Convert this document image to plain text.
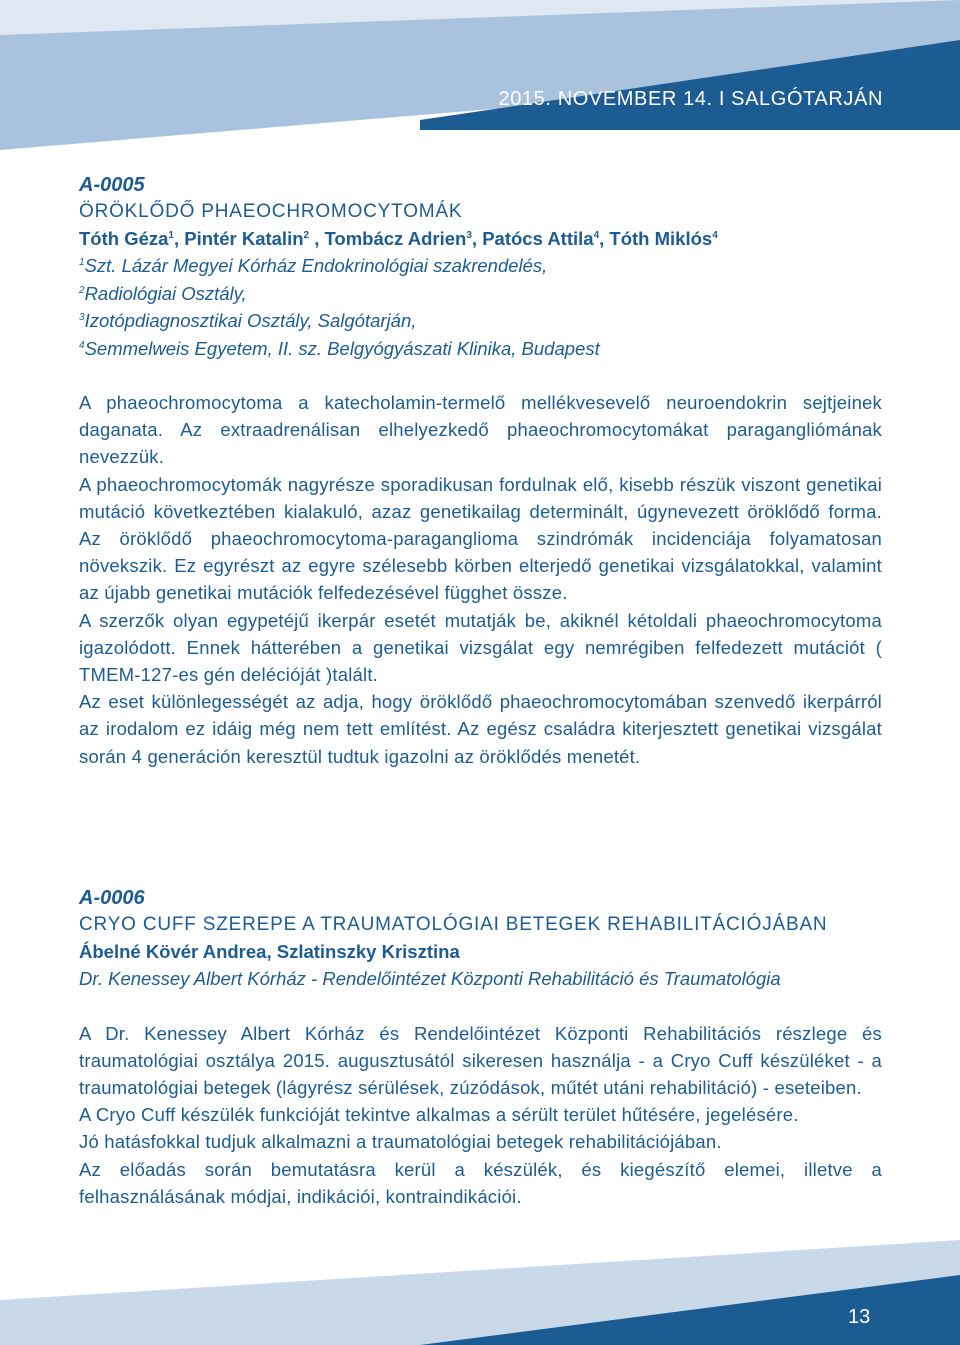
2015. NOVEMBER 14. I SALGÓTARJÁN
A-0005
ÖRÖKLŐDŐ PHAEOCHROMOCYTOMÁK
Tóth Géza$^1$, Pintér Katalin$^2$ , Tombácz Adrien$^3$, Patócs Attila$^4$, Tóth Miklós$^4$
$^1$Szt. Lázár Megyei Kórház Endokrinológiai szakrendelés,
$^2$Radiológiai Osztály,
$^3$Izotópdiagnosztikai Osztály, Salgótarján,
$^4$Semmelweis Egyetem, II. sz. Belgyógyászati Klinika, Budapest

A phaeochromocytoma a katecholamin-termelő mellékvesevelő neuroendokrin sejtjeinek daganata. Az extraadrenálisan elhelyezkedő phaeochromocytomákat paragangliómának nevezzük.

A phaeochromocytomák nagyrésze sporadikusan fordulnak elő, kisebb részük viszont genetikai mutáció következtében kialakuló, azaz genetikailag determinált, úgynevezett öröklődő forma. Az öröklődő phaeochromocytoma-paraganglioma szindrómák incidenciája folyamatosan növekszik. Ez egyrészt az egyre szélesebb körben elterjedő genetikai vizsgálatokkal, valamint az újabb genetikai mutációk felfedezésével függhet össze.

A szerzők olyan egypetéjű ikerpár esetét mutatják be, akiknél kétoldali phaeochromocytoma igazolódott. Ennek hátterében a genetikai vizsgálat egy nemrégiben felfedezett mutációt ( TMEM-127-es gén delécióját )talált.

Az eset különlegességét az adja, hogy öröklődő phaeochromocytomában szenvedő ikerpárról az irodalom ez idáig még nem tett említést. Az egész családra kiterjesztett genetikai vizsgálat során 4 generáción keresztül tudtuk igazolni az öröklődés menetét.

A-0006
CRYO CUFF SZEREPE A TRAUMATOLÓGIAI BETEGEK REHABILITÁCIÓJÁBAN
Ábelné Kövér Andrea, Szlatinszky Krisztina
Dr. Kenessey Albert Kórház - Rendelőintézet Központi Rehabilitáció és Traumatológia

A Dr. Kenessey Albert Kórház és Rendelőintézet Központi Rehabilitációs részlege és traumatológiai osztálya 2015. augusztusától sikeresen használja - a Cryo Cuff készüléket - a traumatológiai betegek (lágyrész sérülések, zúzódások, műtét utáni rehabilitáció) - eseteiben.

A Cryo Cuff készülék funkcióját tekintve alkalmas a sérült terület hűtésére, jegelésére.

Jó hatásfokkal tudjuk alkalmazni a traumatológiai betegek rehabilitációjában.

Az előadás során bemutatásra kerül a készülék, és kiegészítő elemei, illetve a felhasználásának módjai, indikációi, kontraindikációi.

13
